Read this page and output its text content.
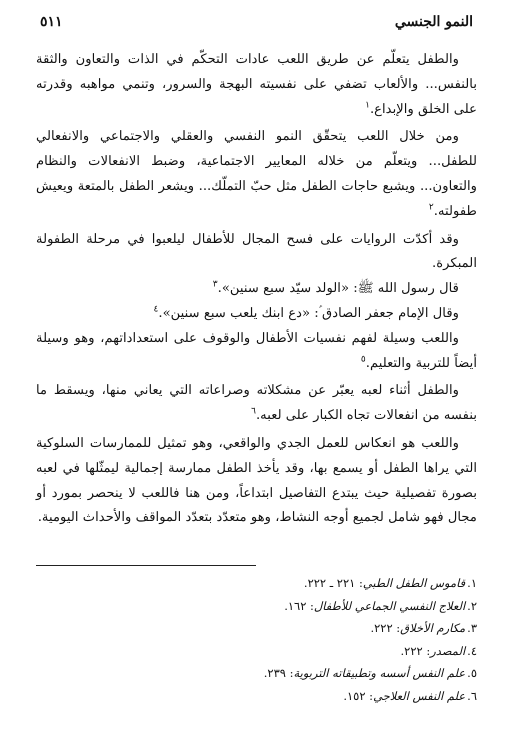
النمو الجنسي
٥١١

والطفل يتعلّم عن طريق اللعب عادات التحكّم في الذات والتعاون والثقة بالنفس... والألعاب تضفي على نفسيته البهجة والسرور، وتنمي مواهبه وقدرته على الخلق والإبداع.$^١$

ومن خلال اللعب يتحقّق النمو النفسي والعقلي والاجتماعي والانفعالي للطفل... ويتعلّم من خلاله المعايير الاجتماعية، وضبط الانفعالات والنظام والتعاون... ويشبع حاجات الطفل مثل حبّ التملّك... ويشعر الطفل بالمتعة ويعيش طفولته.$^٢$

وقد أكدّت الروايات على فسح المجال للأطفال ليلعبوا في مرحلة الطفولة المبكرة.

قال رسول الله ﷺ: «الولد سيّد سبع سنين».$^٣$

وقال الإمام جعفر الصادق ؑ: «دع ابنك يلعب سبع سنين».$^٤$

واللعب وسيلة لفهم نفسيات الأطفال والوقوف على استعداداتهم، وهو وسيلة أيضاً للتربية والتعليم.$^٥$

والطفل أثناء لعبه يعبّر عن مشكلاته وصراعاته التي يعاني منها، ويسقط ما بنفسه من انفعالات تجاه الكبار على لعبه.$^٦$

واللعب هو انعكاس للعمل الجدي والواقعي، وهو تمثيل للممارسات السلوكية التي يراها الطفل أو يسمع بها، وقد يأخذ الطفل ممارسة إجمالية ليمثّلها في لعبه بصورة تفصيلية حيث يبتدع التفاصيل ابتداعاً، ومن هنا فاللعب لا ينحصر بمورد أو مجال فهو شامل لجميع أوجه النشاط، وهو متعدّد بتعدّد المواقف والأحداث اليومية.

١.قاموس الطفل الطبي: ٢٢١ ـ ٢٢٢.
٢.العلاج النفسي الجماعي للأطفال: ١٦٢.
٣.مكارم الأخلاق: ٢٢٢.
٤.المصدر: ٢٢٢.
٥.علم النفس أسسه وتطبيقاته التربوية: ٢٣٩.
٦.علم النفس العلاجي: ١٥٢.
